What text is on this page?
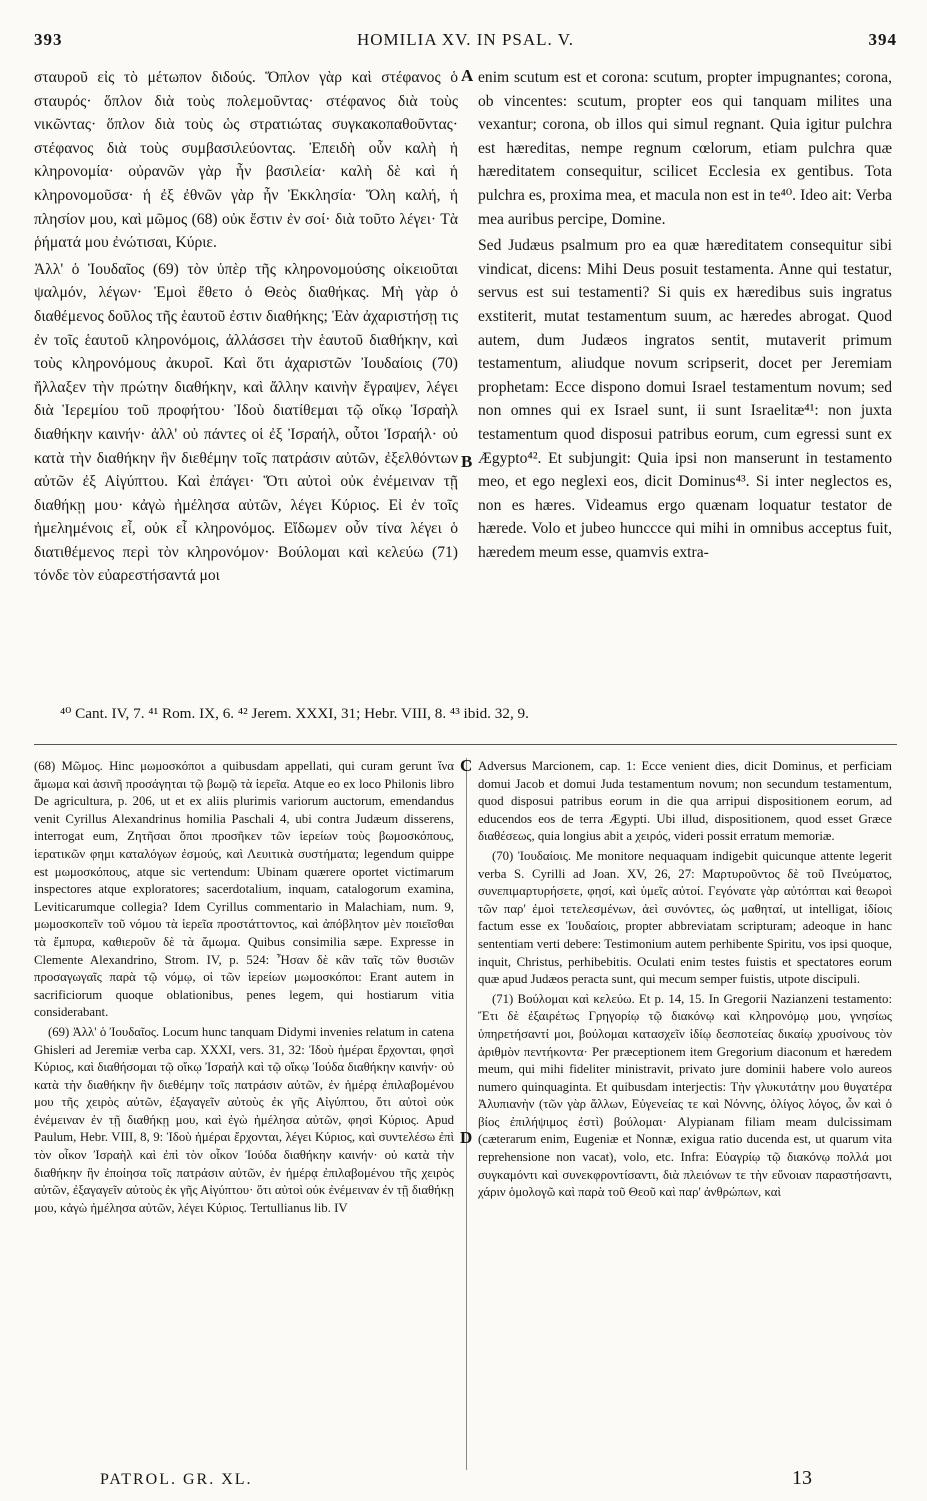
393	HOMILIA XV. IN PSAL. V.	394

σταυροῦ εἰς τὸ μέτωπον διδούς. Ὅπλον γὰρ καὶ στέφανος ὁ σταυρός· ὅπλον διὰ τοὺς πολεμοῦντας· στέφανος διὰ τοὺς νικῶντας· ὅπλον διὰ τοὺς ὡς στρατιώτας συγκακοπαθοῦντας· στέφανος διὰ τοὺς συμβασιλεύοντας. Ἐπειδὴ οὖν καλὴ ἡ κληρονομία· οὐρανῶν γὰρ ἦν βασιλεία· καλὴ δὲ καὶ ἡ κληρονομοῦσα· ἡ ἐξ ἐθνῶν γὰρ ἦν Ἐκκλησία· Ὅλη καλή, ἡ πλησίον μου, καὶ μῶμος (68) οὐκ ἔστιν ἐν σοί· διὰ τοῦτο λέγει· Τὰ ῥήματά μου ἐνώτισαι, Κύριε.

Ἀλλ' ὁ Ἰουδαῖος (69) τὸν ὑπὲρ τῆς κληρονομούσης οἰκειοῦται ψαλμόν, λέγων· Ἐμοὶ ἔθετο ὁ Θεὸς διαθήκας. Μὴ γὰρ ὁ διαθέμενος δοῦλος τῆς ἑαυτοῦ ἐστιν διαθήκης; Ἐὰν ἀχαριστήσῃ τις ἐν τοῖς ἑαυτοῦ κληρονόμοις, ἀλλάσσει τὴν ἑαυτοῦ διαθήκην, καὶ τοὺς κληρονόμους ἀκυροῖ. Καὶ ὅτι ἀχαριστῶν Ἰουδαίοις (70) ἤλλαξεν τὴν πρώτην διαθήκην, καὶ ἄλλην καινὴν ἔγραψεν, λέγει διὰ Ἱερεμίου τοῦ προφήτου· Ἰδοὺ διατίθεμαι τῷ οἴκῳ Ἰσραὴλ διαθήκην καινήν· ἀλλ' οὐ πάντες οἱ ἐξ Ἰσραήλ, οὗτοι Ἰσραήλ· οὐ κατὰ τὴν διαθήκην ἣν διεθέμην τοῖς πατράσιν αὐτῶν, ἐξελθόντων αὐτῶν ἐξ Αἰγύπτου. Καὶ ἐπάγει· Ὅτι αὐτοὶ οὐκ ἐνέμειναν τῇ διαθήκῃ μου· κἀγὼ ἠμέλησα αὐτῶν, λέγει Κύριος. Εἰ ἐν τοῖς ἠμελημένοις εἶ, οὐκ εἶ κληρονόμος. Εἴδωμεν οὖν τίνα λέγει ὁ διατιθέμενος περὶ τὸν κληρονόμον· Βούλομαι καὶ κελεύω (71) τόνδε τὸν εὐαρεστήσαντά μοι

A
B

enim scutum est et corona: scutum, propter impugnantes; corona, ob vincentes: scutum, propter eos qui tanquam milites una vexantur; corona, ob illos qui simul regnant. Quia igitur pulchra est hæreditas, nempe regnum cœlorum, etiam pulchra quæ hæreditatem consequitur, scilicet Ecclesia ex gentibus. Tota pulchra es, proxima mea, et macula non est in te⁴⁰. Ideo ait: Verba mea auribus percipe, Domine.

Sed Judæus psalmum pro ea quæ hæreditatem consequitur sibi vindicat, dicens: Mihi Deus posuit testamenta. Anne qui testatur, servus est sui testamenti? Si quis ex hæredibus suis ingratus exstiterit, mutat testamentum suum, ac hæredes abrogat. Quod autem, dum Judæos ingratos sentit, mutaverit primum testamentum, aliudque novum scripserit, docet per Jeremiam prophetam: Ecce dispono domui Israel testamentum novum; sed non omnes qui ex Israel sunt, ii sunt Israelitæ⁴¹: non juxta testamentum quod disposui patribus eorum, cum egressi sunt ex Ægypto⁴². Et subjungit: Quia ipsi non manserunt in testamento meo, et ego neglexi eos, dicit Dominus⁴³. Si inter neglectos es, non es hæres. Videamus ergo quænam loquatur testator de hærede. Volo et jubeo hunccce qui mihi in omnibus acceptus fuit, hæredem meum esse, quamvis extra-

⁴⁰ Cant. IV, 7. ⁴¹ Rom. IX, 6. ⁴² Jerem. XXXI, 31; Hebr. VIII, 8. ⁴³ ibid. 32, 9.

(68) Μῶμος. Hinc μωμοσκόποι a quibusdam appellati, qui curam gerunt ἵνα ἄμωμα καὶ ἀσινῆ προσάγηται τῷ βωμῷ τὰ ἱερεῖα. Atque eo ex loco Philonis libro De agricultura, p. 206, ut et ex aliis plurimis variorum auctorum, emendandus venit Cyrillus Alexandrinus homilia Paschali 4, ubi contra Judæum disserens, interrogat eum, Ζητῆσαι ὅποι προσῆκεν τῶν ἱερείων τοὺς βωμοσκόπους, ἱερατικῶν φημι καταλόγων ἐσμούς, καὶ Λευιτικὰ συστήματα; legendum quippe est μωμοσκόπους, atque sic vertendum: Ubinam quærere oportet victimarum inspectores atque exploratores; sacerdotalium, inquam, catalogorum examina, Leviticarumque collegia? Idem Cyrillus commentario in Malachiam, num. 9, μωμοσκοπεῖν τοῦ νόμου τὰ ἱερεῖα προστάττοντος, καὶ ἀπόβλητον μὲν ποιεῖσθαι τὰ ἔμπυρα, καθιεροῦν δὲ τὰ ἄμωμα. Quibus consimilia sæpe. Expresse in Clemente Alexandrino, Strom. IV, p. 524: Ἦσαν δὲ κἂν ταῖς τῶν θυσιῶν προσαγωγαῖς παρὰ τῷ νόμῳ, οἱ τῶν ἱερείων μωμοσκόποι: Erant autem in sacrificiorum quoque oblationibus, penes legem, qui hostiarum vitia considerabant.

(69) Ἀλλ' ὁ Ἰουδαῖος. Locum hunc tanquam Didymi invenies relatum in catena Ghisleri ad Jeremiæ verba cap. XXXI, vers. 31, 32: Ἰδοὺ ἡμέραι ἔρχονται, φησὶ Κύριος, καὶ διαθήσομαι τῷ οἴκῳ Ἰσραὴλ καὶ τῷ οἴκῳ Ἰούδα διαθήκην καινήν· οὐ κατὰ τὴν διαθήκην ἣν διεθέμην τοῖς πατράσιν αὐτῶν, ἐν ἡμέρᾳ ἐπιλαβομένου μου τῆς χειρὸς αὐτῶν, ἐξαγαγεῖν αὐτοὺς ἐκ γῆς Αἰγύπτου, ὅτι αὐτοὶ οὐκ ἐνέμειναν ἐν τῇ διαθήκῃ μου, καὶ ἐγὼ ἠμέλησα αὐτῶν, φησὶ Κύριος. Apud Paulum, Hebr. VIII, 8, 9: Ἰδοὺ ἡμέραι ἔρχονται, λέγει Κύριος, καὶ συντελέσω ἐπὶ τὸν οἶκον Ἰσραὴλ καὶ ἐπὶ τὸν οἶκον Ἰούδα διαθήκην καινήν· οὐ κατὰ τὴν διαθήκην ἣν ἐποίησα τοῖς πατράσιν αὐτῶν, ἐν ἡμέρᾳ ἐπιλαβομένου τῆς χειρὸς αὐτῶν, ἐξαγαγεῖν αὐτοὺς ἐκ γῆς Αἰγύπτου· ὅτι αὐτοὶ οὐκ ἐνέμειναν ἐν τῇ διαθήκῃ μου, κἀγὼ ἠμέλησα αὐτῶν, λέγει Κύριος. Tertullianus lib. IV

C
D

Adversus Marcionem, cap. 1: Ecce venient dies, dicit Dominus, et perficiam domui Jacob et domui Juda testamentum novum; non secundum testamentum, quod disposui patribus eorum in die qua arripui dispositionem eorum, ad educendos eos de terra Ægypti. Ubi illud, dispositionem, quod esset Græce διαθέσεως, quia longius abit a χειρός, videri possit erratum memoriæ.

(70) Ἰουδαίοις. Me monitore nequaquam indigebit quicunque attente legerit verba S. Cyrilli ad Joan. XV, 26, 27: Μαρτυροῦντος δὲ τοῦ Πνεύματος, συνεπιμαρτυρήσετε, φησί, καὶ ὑμεῖς αὐτοί. Γεγόνατε γὰρ αὐτόπται καὶ θεωροὶ τῶν παρ' ἐμοὶ τετελεσμένων, ἀεὶ συνόντες, ὡς μαθηταί, ut intelligat, ἰδίοις factum esse ex Ἰουδαίοις, propter abbreviatam scripturam; adeoque in hanc sententiam verti debere: Testimonium autem perhibente Spiritu, vos ipsi quoque, inquit, Christus, perhibebitis. Oculati enim testes fuistis et spectatores eorum quæ apud Judæos peracta sunt, qui mecum semper fuistis, utpote discipuli.

(71) Βούλομαι καὶ κελεύω. Et p. 14, 15. In Gregorii Nazianzeni testamento: Ἔτι δὲ ἐξαιρέτως Γρηγορίῳ τῷ διακόνῳ καὶ κληρονόμῳ μου, γνησίως ὑπηρετήσαντί μοι, βούλομαι κατασχεῖν ἰδίῳ δεσποτείας δικαίῳ χρυσίνους τὸν ἀριθμὸν πεντήκοντα· Per præceptionem item Gregorium diaconum et hæredem meum, qui mihi fideliter ministravit, privato jure dominii habere volo aureos numero quinquaginta. Et quibusdam interjectis: Τὴν γλυκυτάτην μου θυγατέρα Ἀλυπιανὴν (τῶν γὰρ ἄλλων, Εὐγενείας τε καὶ Νόννης, ὀλίγος λόγος, ὧν καὶ ὁ βίος ἐπιλήψιμος ἐστὶ) βούλομαι· Alypianam filiam meam dulcissimam (cæterarum enim, Eugeniæ et Nonnæ, exigua ratio ducenda est, ut quarum vita reprehensione non vacat), volo, etc. Infra: Εὐαγρίῳ τῷ διακόνῳ πολλά μοι συγκαμόντι καὶ συνεκφροντίσαντι, διὰ πλειόνων τε τὴν εὔνοιαν παραστήσαντι, χάριν ὁμολογῶ καὶ παρὰ τοῦ Θεοῦ καὶ παρ' ἀνθρώπων, καὶ

PATROL. GR. XL.	13
